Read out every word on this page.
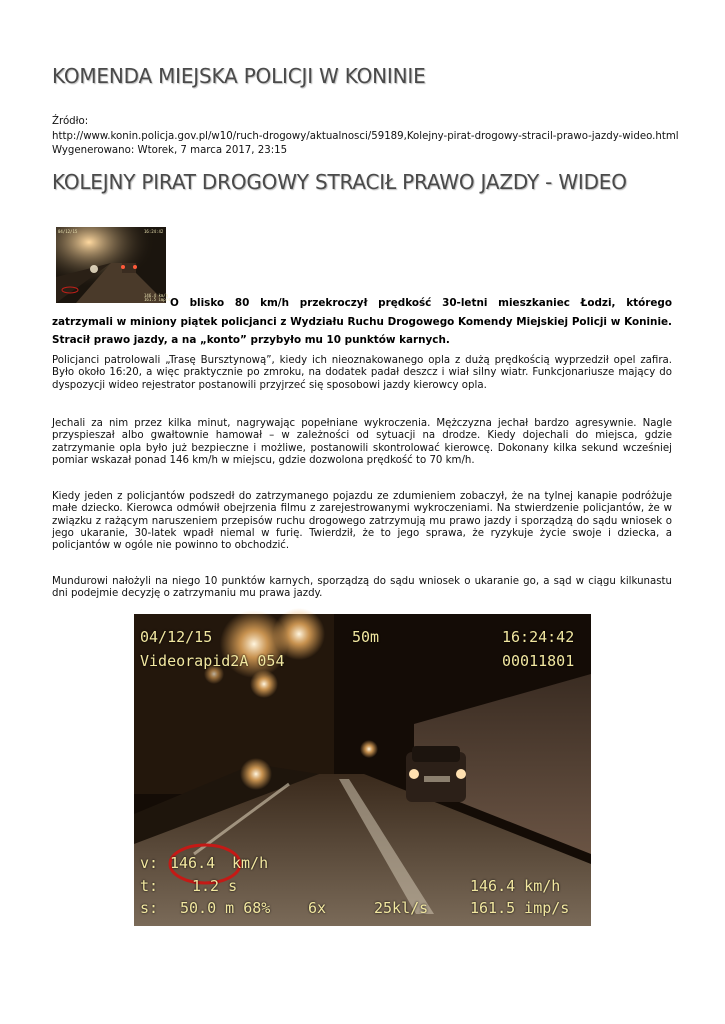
KOMENDA MIEJSKA POLICJI W KONINIE
Źródło:
http://www.konin.policja.gov.pl/w10/ruch-drogowy/aktualnosci/59189,Kolejny-pirat-drogowy-stracil-prawo-jazdy-wideo.html
Wygenerowano: Wtorek, 7 marca 2017, 23:15
KOLEJNY PIRAT DROGOWY STRACIŁ PRAWO JAZDY - WIDEO
04/12/15	16:24:42
146.4 km/h
161.5 imp/s O blisko 80 km/h przekroczył prędkość 30-letni mieszkaniec Łodzi, którego zatrzymali w miniony piątek policjanci z Wydziału Ruchu Drogowego Komendy Miejskiej Policji w Koninie. Stracił prawo jazdy, a na „konto” przybyło mu 10 punktów karnych.
Policjanci patrolowali „Trasę Bursztynową”, kiedy ich nieoznakowanego opla z dużą prędkością wyprzedził opel zafira. Było około 16:20, a więc praktycznie po zmroku, na dodatek padał deszcz i wiał silny wiatr. Funkcjonariusze mający do dyspozycji wideo rejestrator postanowili przyjrzeć się sposobowi jazdy kierowcy opla.
Jechali za nim przez kilka minut, nagrywając popełniane wykroczenia. Mężczyzna jechał bardzo agresywnie. Nagle przyspieszał albo gwałtownie hamował – w zależności od sytuacji na drodze. Kiedy dojechali do miejsca, gdzie zatrzymanie opla było już bezpieczne i możliwe, postanowili skontrolować kierowcę. Dokonany kilka sekund wcześniej pomiar wskazał ponad 146 km/h w miejscu, gdzie dozwolona prędkość to 70 km/h.
Kiedy jeden z policjantów podszedł do zatrzymanego pojazdu ze zdumieniem zobaczył, że na tylnej kanapie podróżuje małe dziecko. Kierowca odmówił obejrzenia filmu z zarejestrowanymi wykroczeniami. Na stwierdzenie policjantów, że w związku z rażącym naruszeniem przepisów ruchu drogowego zatrzymują mu prawo jazdy i sporządzą do sądu wniosek o jego ukaranie, 30-latek wpadł niemal w furię. Twierdził, że to jego sprawa, że ryzykuje życie swoje i dziecka, a policjantów w ogóle nie powinno to obchodzić.
Mundurowi nałożyli na niego 10 punktów karnych, sporządzą do sądu wniosek o ukaranie go, a sąd w ciągu kilkunastu dni podejmie decyzję o zatrzymaniu mu prawa jazdy.
04/12/15	50m	16:24:42
Videorapid2A 054	00011801
v: 146.4 km/h
t: 1.2 s	146.4 km/h
s: 50.0 m 68%	6x	25kl/s	161.5 imp/s
